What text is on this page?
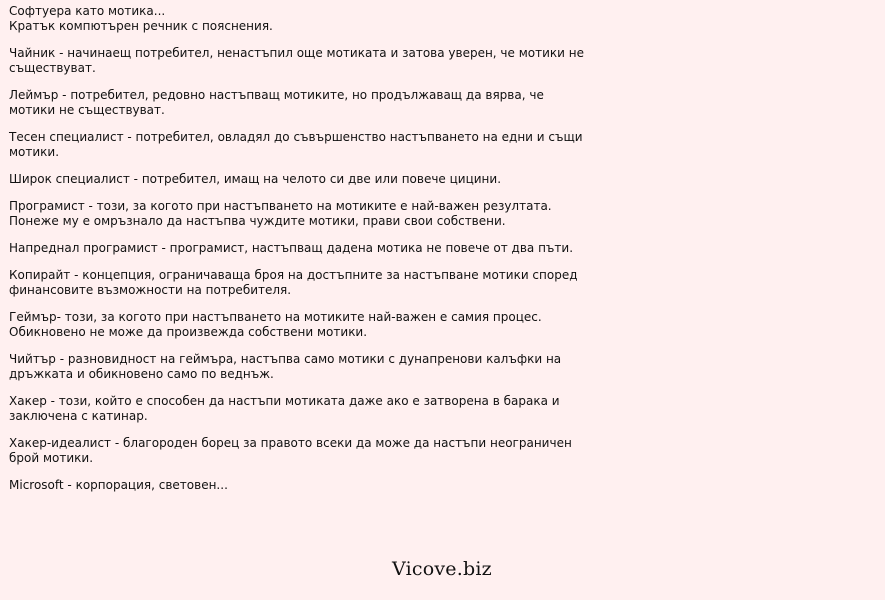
Софтуера като мотика...

Кратък компютърен речник с пояснения.

Чайник - начинаещ потребител, ненастъпил още мотиката и затова уверен, че мотики не съществуват.

Леймър - потребител, редовно настъпващ мотиките, но продължаващ да вярва, че мотики не съществуват.

Тесен специалист - потребител, овладял до съвършенство настъпването на едни и същи мотики.

Широк специалист - потребител, имащ на челото си две или повече цицини.

Програмист - този, за когото при настъпването на мотиките е най-важен резултата. Понеже му е омръзнало да настъпва чуждите мотики, прави свои собствени.

Напреднал програмист - програмист, настъпващ дадена мотика не повече от два пъти.

Копирайт - концепция, ограничаваща броя на достъпните за настъпване мотики според финансовите възможности на потребителя.

Геймър- този, за когото при настъпването на мотиките най-важен е самия процес. Обикновено не може да произвежда собствени мотики.

Чийтър - разновидност на геймъра, настъпва само мотики с дунапренови калъфки на дръжката и обикновено само по веднъж.

Хакер - този, който е способен да настъпи мотиката даже ако е затворена в барака и заключена с катинар.

Хакер-идеалист - благороден борец за правото всеки да може да настъпи неограничен брой мотики.

Microsoft - корпорация, световен...

Vicove.biz
